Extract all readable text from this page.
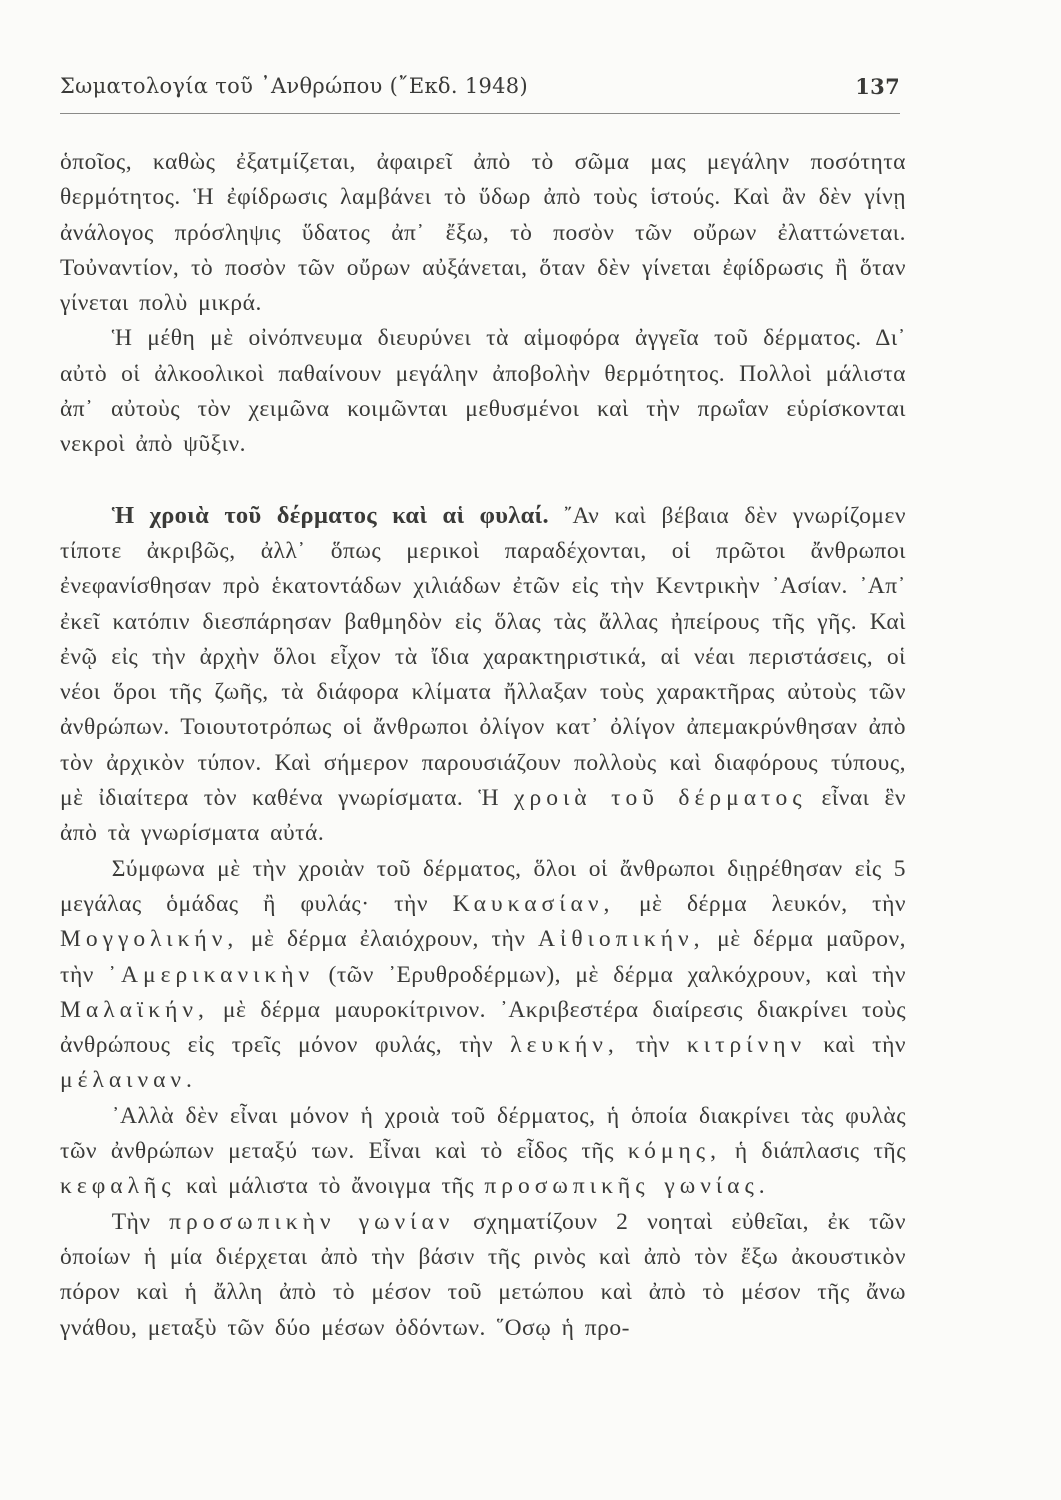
Σωματολογία τοῦ ᾿Ανθρώπου (῎Εκδ. 1948)	137

ὁποῖος, καθὼς ἐξατμίζεται, ἀφαιρεῖ ἀπὸ τὸ σῶμα μας μεγάλην ποσότητα θερμότητος. Ἡ ἐφίδρωσις λαμβάνει τὸ ὕδωρ ἀπὸ τοὺς ἱστούς. Καὶ ἂν δὲν γίνῃ ἀνάλογος πρόσληψις ὕδατος ἀπ᾿ ἔξω, τὸ ποσὸν τῶν οὔρων ἐλαττώνεται. Τοὐναντίον, τὸ ποσὸν τῶν οὔρων αὐξάνεται, ὅταν δὲν γίνεται ἐφίδρωσις ἢ ὅταν γίνεται πολὺ μικρά.

Ἡ μέθη μὲ οἰνόπνευμα διευρύνει τὰ αἱμοφόρα ἀγγεῖα τοῦ δέρματος. Δι᾿ αὐτὸ οἱ ἀλκοολικοὶ παθαίνουν μεγάλην ἀποβολὴν θερμότητος. Πολλοὶ μάλιστα ἀπ᾿ αὐτοὺς τὸν χειμῶνα κοιμῶνται μεθυσμένοι καὶ τὴν πρωΐαν εὑρίσκονται νεκροὶ ἀπὸ ψῦξιν.

Ἡ χροιὰ τοῦ δέρματος καὶ αἱ φυλαί. ῎Αν καὶ βέβαια δὲν γνωρίζομεν τίποτε ἀκριβῶς, ἀλλ᾿ ὅπως μερικοὶ παραδέχονται, οἱ πρῶτοι ἄνθρωποι ἐνεφανίσθησαν πρὸ ἑκατοντάδων χιλιάδων ἐτῶν εἰς τὴν Κεντρικὴν ᾿Ασίαν. ᾿Απ᾿ ἐκεῖ κατόπιν διεσπάρησαν βαθμηδὸν εἰς ὅλας τὰς ἄλλας ἠπείρους τῆς γῆς. Καὶ ἐνῷ εἰς τὴν ἀρχὴν ὅλοι εἶχον τὰ ἴδια χαρακτηριστικά, αἱ νέαι περιστάσεις, οἱ νέοι ὅροι τῆς ζωῆς, τὰ διάφορα κλίματα ἤλλαξαν τοὺς χαρακτῆρας αὐτοὺς τῶν ἀνθρώπων. Τοιουτοτρόπως οἱ ἄνθρωποι ὀλίγον κατ᾿ ὀλίγον ἀπεμακρύνθησαν ἀπὸ τὸν ἀρχικὸν τύπον. Καὶ σήμερον παρουσιάζουν πολλοὺς καὶ διαφόρους τύπους, μὲ ἰδιαίτερα τὸν καθένα γνωρίσματα. Ἡ χροιὰ τοῦ δέρματος εἶναι ἓν ἀπὸ τὰ γνωρίσματα αὐτά.

Σύμφωνα μὲ τὴν χροιὰν τοῦ δέρματος, ὅλοι οἱ ἄνθρωποι διῃρέθησαν εἰς 5 μεγάλας ὁμάδας ἢ φυλάς· τὴν Καυκασίαν, μὲ δέρμα λευκόν, τὴν Μογγολικήν, μὲ δέρμα ἐλαιόχρουν, τὴν Αἰθιοπικήν, μὲ δέρμα μαῦρον, τὴν ᾿Αμερικανικὴν (τῶν ᾿Ερυθροδέρμων), μὲ δέρμα χαλκόχρουν, καὶ τὴν Μαλαϊκήν, μὲ δέρμα μαυροκίτρινον. ᾿Ακριβεστέρα διαίρεσις διακρίνει τοὺς ἀνθρώπους εἰς τρεῖς μόνον φυλάς, τὴν λευκήν, τὴν κιτρίνην καὶ τὴν μέλαιναν.

᾿Αλλὰ δὲν εἶναι μόνον ἡ χροιὰ τοῦ δέρματος, ἡ ὁποία διακρίνει τὰς φυλὰς τῶν ἀνθρώπων μεταξύ των. Εἶναι καὶ τὸ εἶδος τῆς κόμης, ἡ διάπλασις τῆς κεφαλῆς καὶ μάλιστα τὸ ἄνοιγμα τῆς προσωπικῆς γωνίας.

Τὴν προσωπικὴν γωνίαν σχηματίζουν 2 νοηταὶ εὐθεῖαι, ἐκ τῶν ὁποίων ἡ μία διέρχεται ἀπὸ τὴν βάσιν τῆς ρινὸς καὶ ἀπὸ τὸν ἔξω ἀκουστικὸν πόρον καὶ ἡ ἄλλη ἀπὸ τὸ μέσον τοῦ μετώπου καὶ ἀπὸ τὸ μέσον τῆς ἄνω γνάθου, μεταξὺ τῶν δύο μέσων ὀδόντων. ῞Οσῳ ἡ προ-
